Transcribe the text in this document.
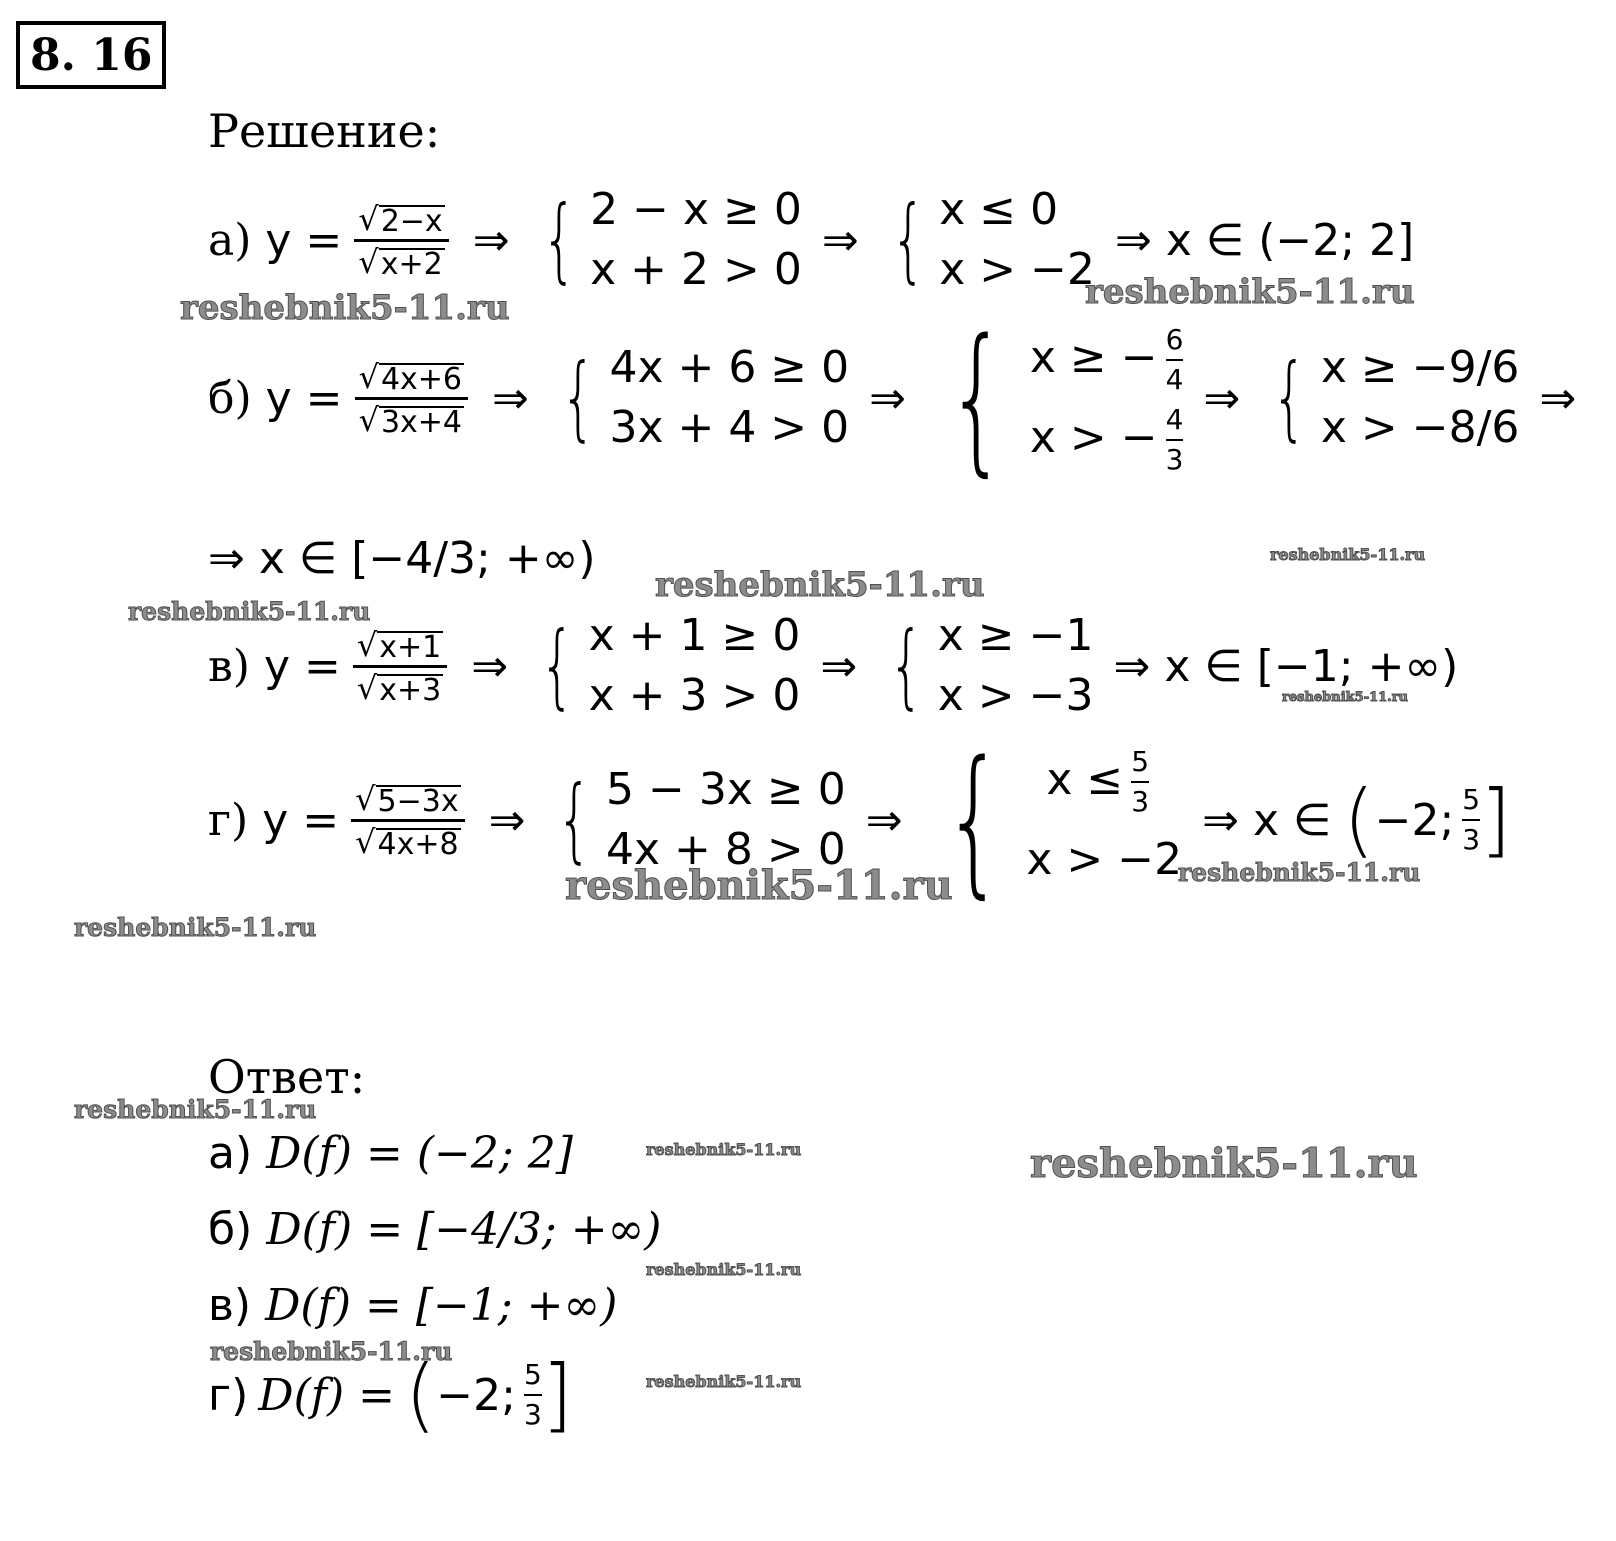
8. 16
Решение:
а) $y = \frac{√ 2-x}{√ x+2}$ ⇒ { 2 − x ≥ 0
x + 2 > 0
⇒ { x ≤ 0
x > −2
⇒ x ∈ (−2; 2]
б) $y = \frac{√ 4x+6}{√ 3x+4}$ ⇒ { 4x + 6 ≥ 0
3x + 4 > 0
⇒ { x ≥ − $\frac{6}{4}$
x > − $\frac{4}{3}$
⇒ { x ≥ −9/6
x > −8/6
⇒
⇒ x ∈ [−4/3; +∞)
в) $y = \frac{√ x+1}{√ x+3}$ ⇒ { x + 1 ≥ 0
x + 3 > 0
⇒ { x ≥ −1
x > −3
⇒ x ∈ [−1; +∞)
г) $y = \frac{√ 5-3x}{√ 4x+8}$ ⇒ { 5 − 3x ≥ 0
4x + 8 > 0
⇒ { $x \le \frac{5}{3}$
x > −2
⇒ x ∈ ( −2; 5
3 ]
Ответ:
а) D(f) = (−2; 2]
б) D(f) = [−4/3; +∞)
в) D(f) = [−1; +∞)
г) D(f) = ( −2; 5
3 ]
reshebnik5-11.ru	reshebnik5-11.ru
reshebnik5-11.ru
reshebnik5-11.ru
reshebnik5-11.ru
reshebnik5-11.ru
reshebnik5-11.ru	reshebnik5-11.ru
reshebnik5-11.ru
reshebnik5-11.ru
reshebnik5-11.ru
reshebnik5-11.ru
reshebnik5-11.ru
reshebnik5-11.ru
reshebnik5-11.ru
